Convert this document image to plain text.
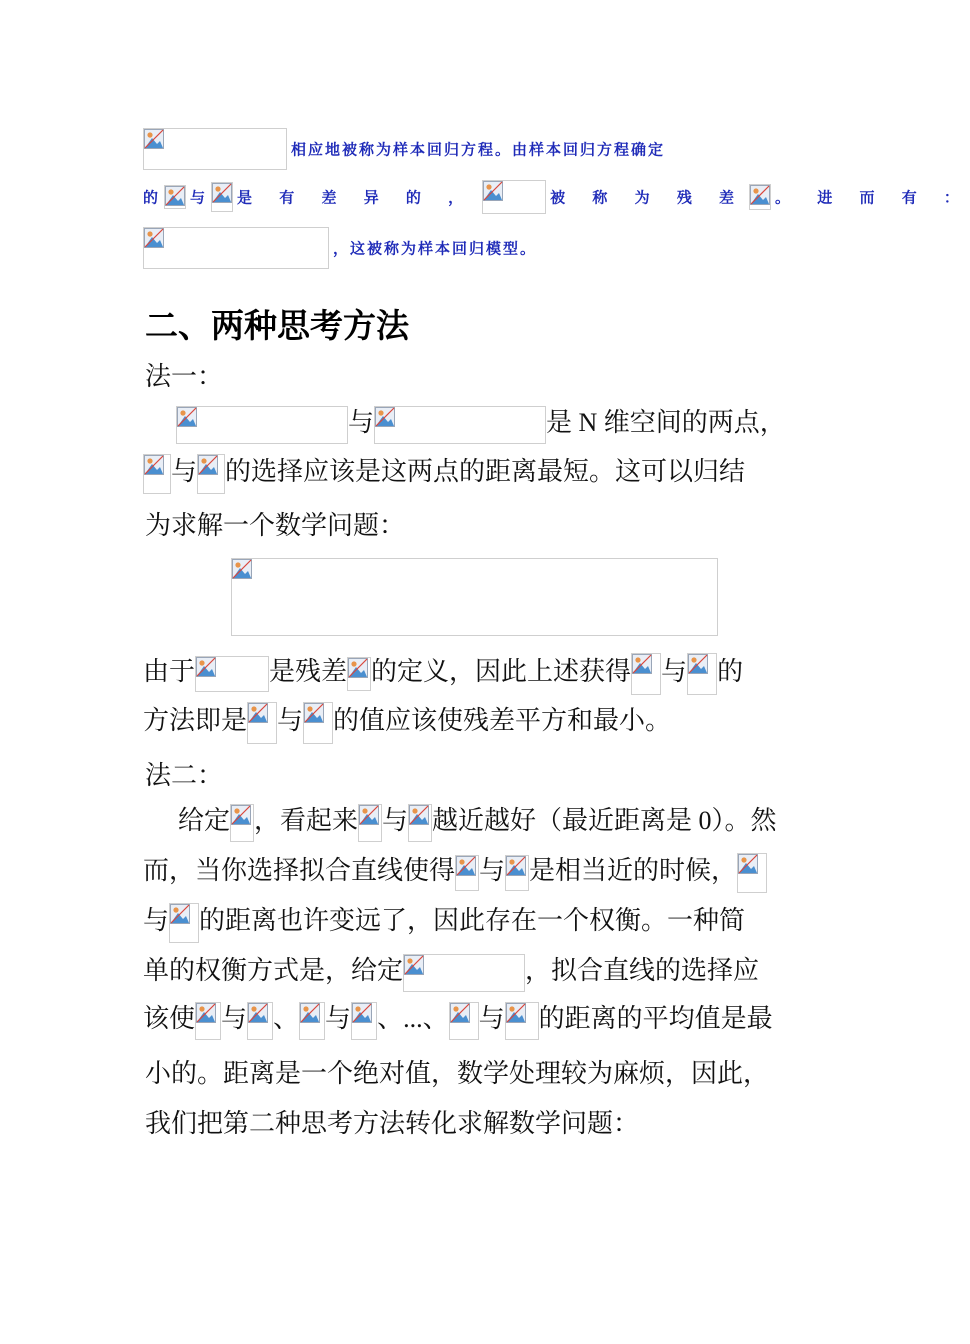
相应地被称为样本回归方程。由样本回归方程确定
的 与 是 有 差 异 的 ，	被 称 为 残 差 。 进 而 有 ：
，这被称为样本回归模型。
二、两种思考方法
法一：
与	是 N 维空间的两点，
与 的选择应该是这两点的距离最短。这可以归结
为求解一个数学问题：
由于	是残差 的定义，因此上述获得 与 的
方法即是 与 的值应该使残差平方和最小。
法二：
给定 ，看起来 与 越近越好（最近距离是 0）。然
而，当你选择拟合直线使得 与 是相当近的时候，
与 的距离也许变远了，因此存在一个权衡。一种简
单的权衡方式是，给定	，拟合直线的选择应
该使 与 、 与 、...、 与 的距离的平均值是最
小的。距离是一个绝对值，数学处理较为麻烦，因此，
我们把第二种思考方法转化求解数学问题：
